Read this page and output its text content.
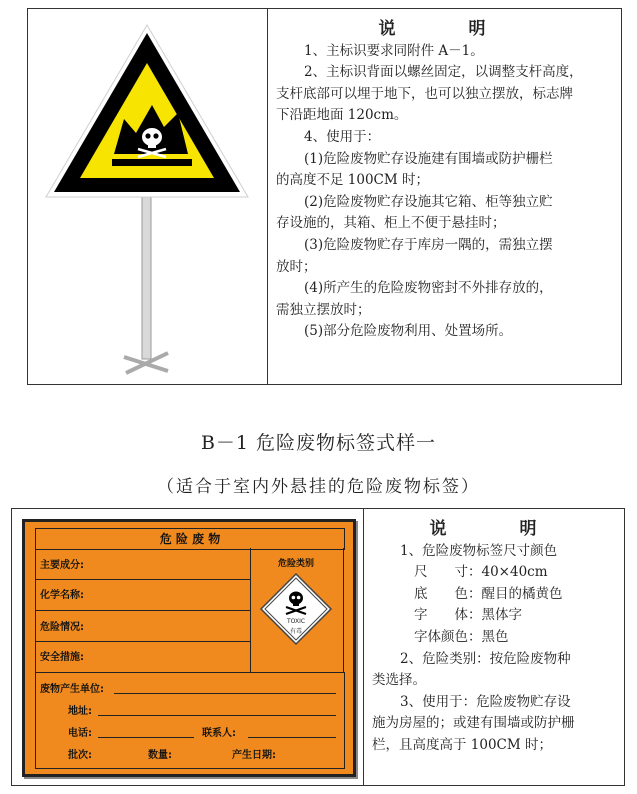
说　明

1、主标识要求同附件 A－1。

2、主标识背面以螺丝固定，以调整支杆高度，

支杆底部可以埋于地下，也可以独立摆放，标志牌

下沿距地面 120cm。

4、使用于：

(1)危险废物贮存设施建有围墙或防护栅栏

的高度不足 100CM 时；

(2)危险废物贮存设施其它箱、柜等独立贮

存设施的，其箱、柜上不便于悬挂时；

(3)危险废物贮存于库房一隅的，需独立摆

放时；

(4)所产生的危险废物密封不外排存放的，

需独立摆放时；

(5)部分危险废物利用、处置场所。

B－1 危险废物标签式样一
（适合于室内外悬挂的危险废物标签）
危 险 废 物
主要成分:
化学名称:
危险情况:
安全措施:
危险类别
TOXIC
有毒
废物产生单位:
地址:
电话:	联系人:
批次:	数量:	产生日期:

说　明

1、危险废物标签尺寸颜色

尺　　寸：40×40cm

底　　色：醒目的橘黄色

字　　体：黑体字

字体颜色：黑色

2、危险类别：按危险废物种

类选择。

3、使用于：危险废物贮存设

施为房屋的；或建有围墙或防护栅

栏，且高度高于 100CM 时；
